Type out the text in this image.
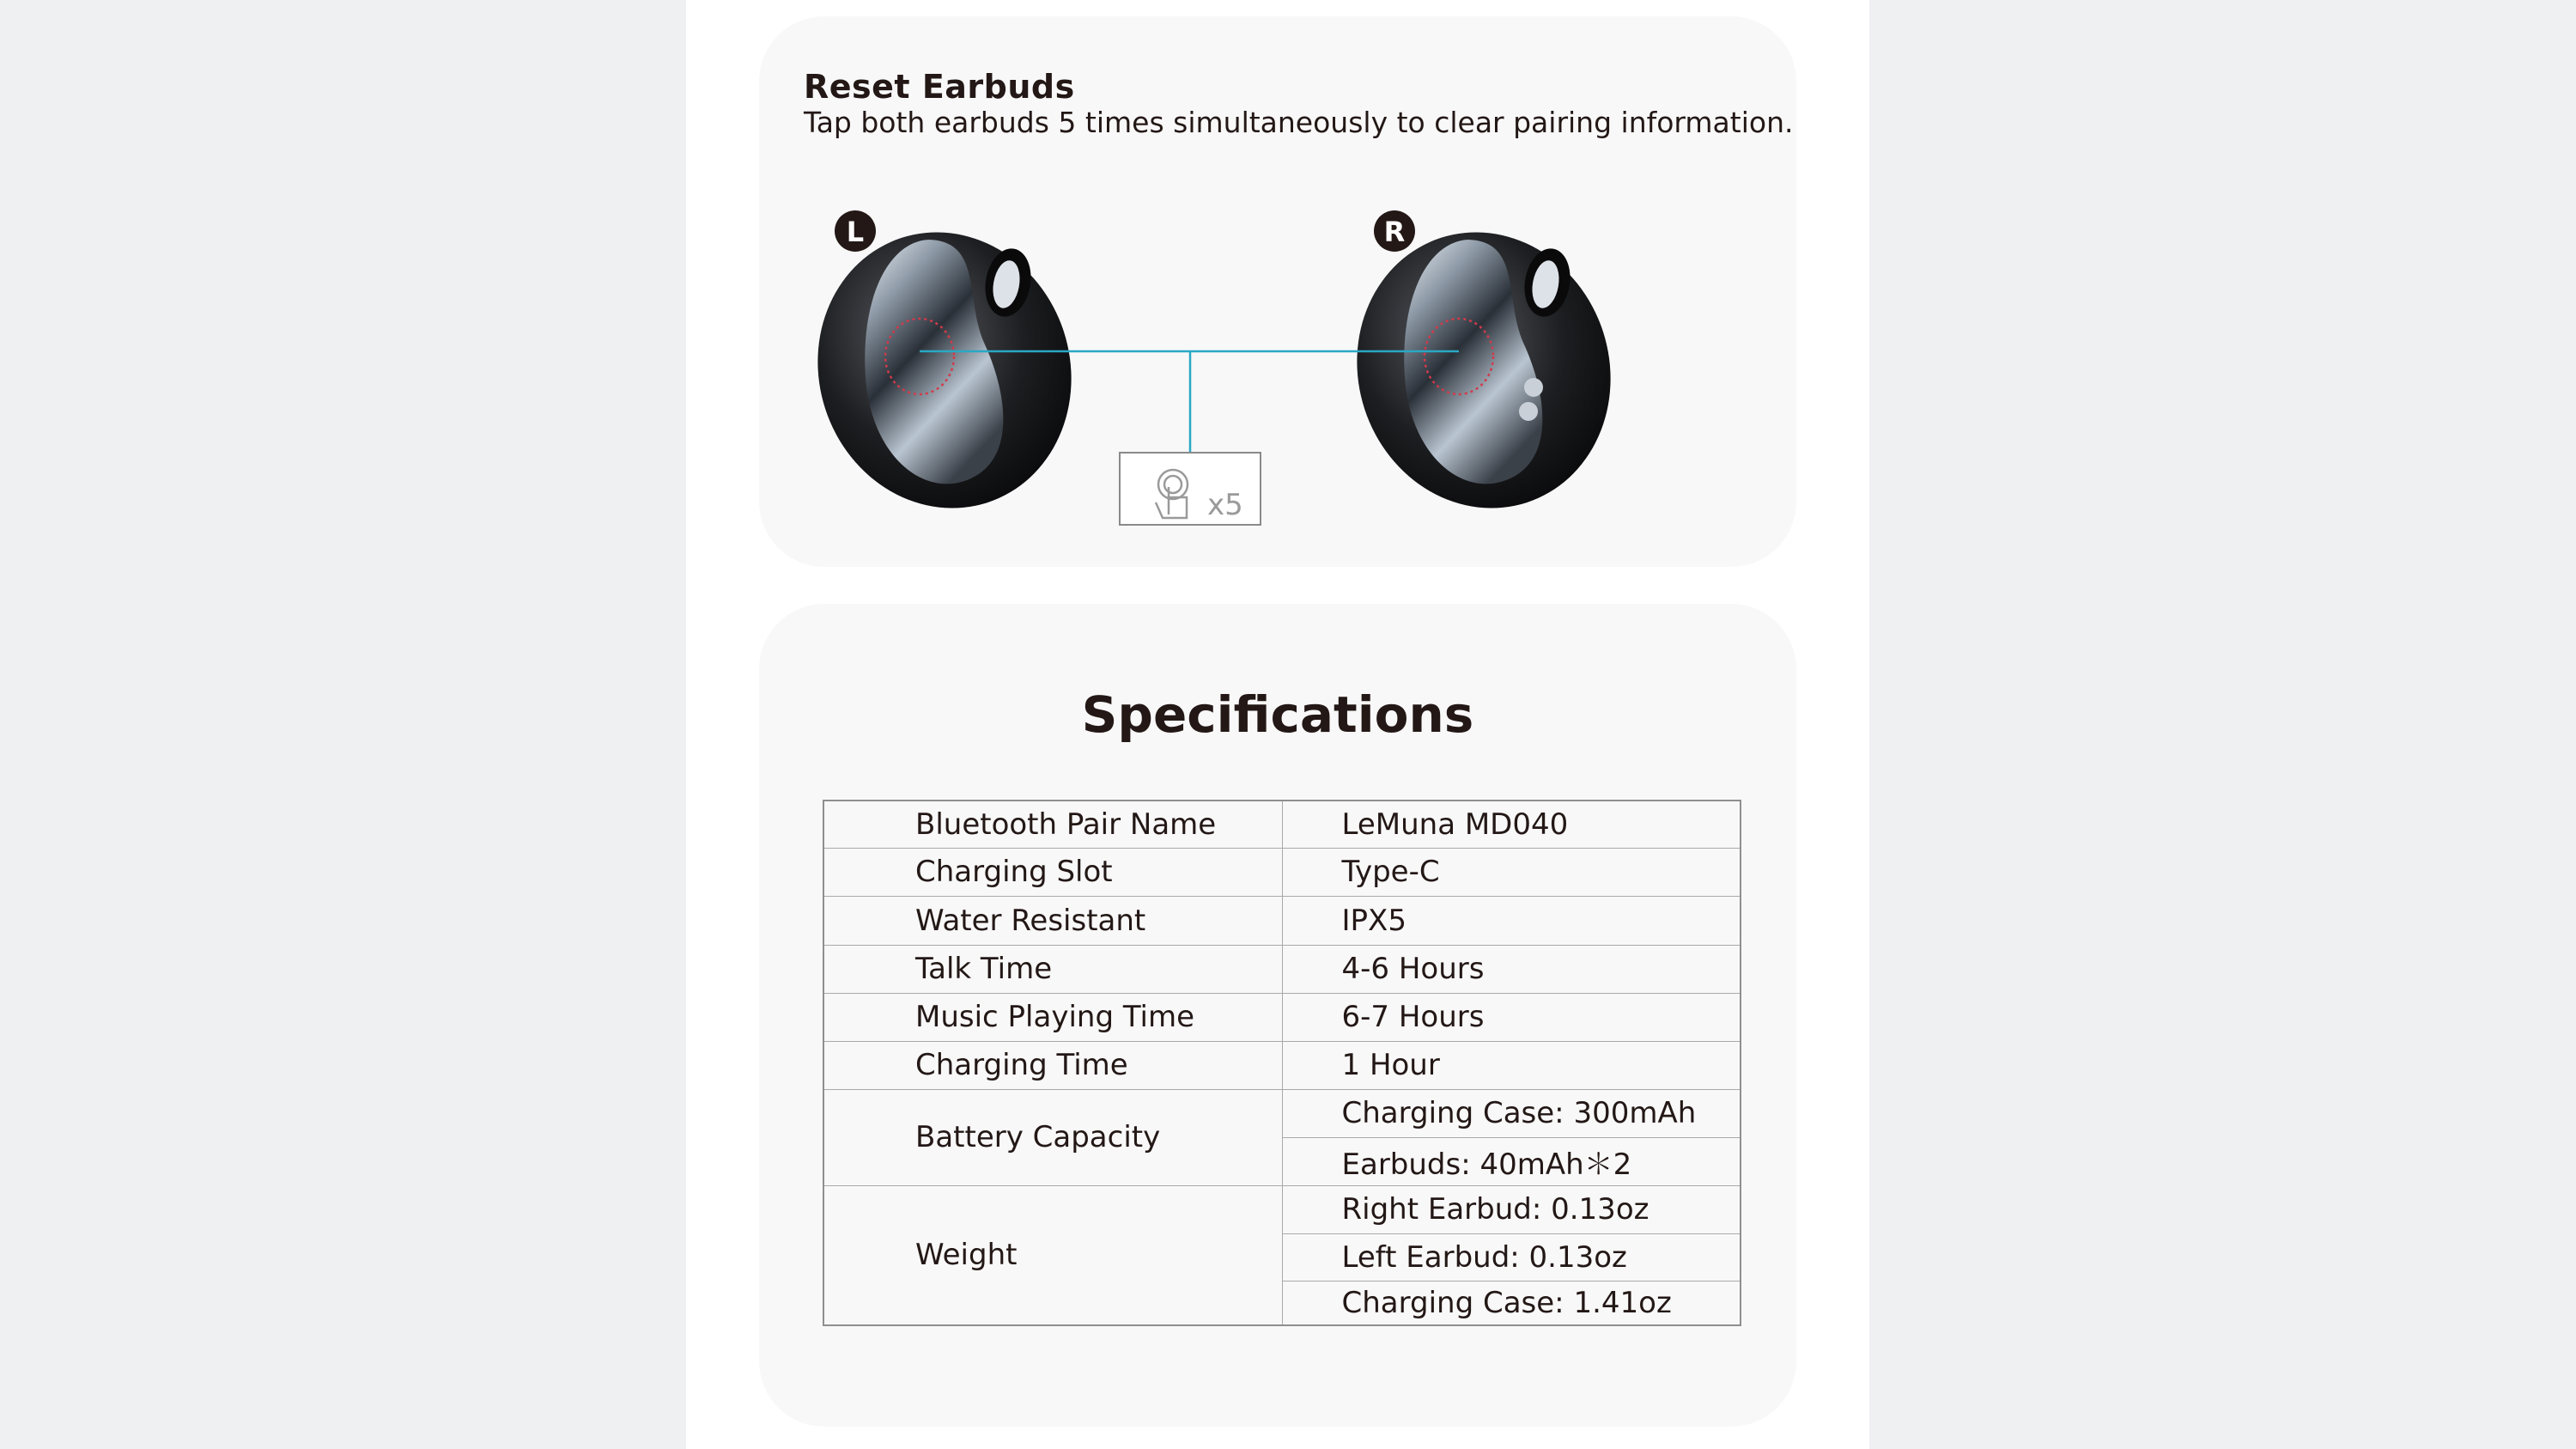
Reset Earbuds
Tap both earbuds 5 times simultaneously to clear pairing information.
L	R
x5
Specifications
Bluetooth Pair Name	LeMuna MD040
Charging Slot	Type-C
Water Resistant	IPX5
Talk Time	4-6 Hours
Music Playing Time	6-7 Hours
Charging Time	1 Hour
Battery Capacity	Charging Case: 300mAh
	Earbuds: 40mAh＊2
Weight	Right Earbud: 0.13oz
	Left Earbud: 0.13oz
	Charging Case: 1.41oz
